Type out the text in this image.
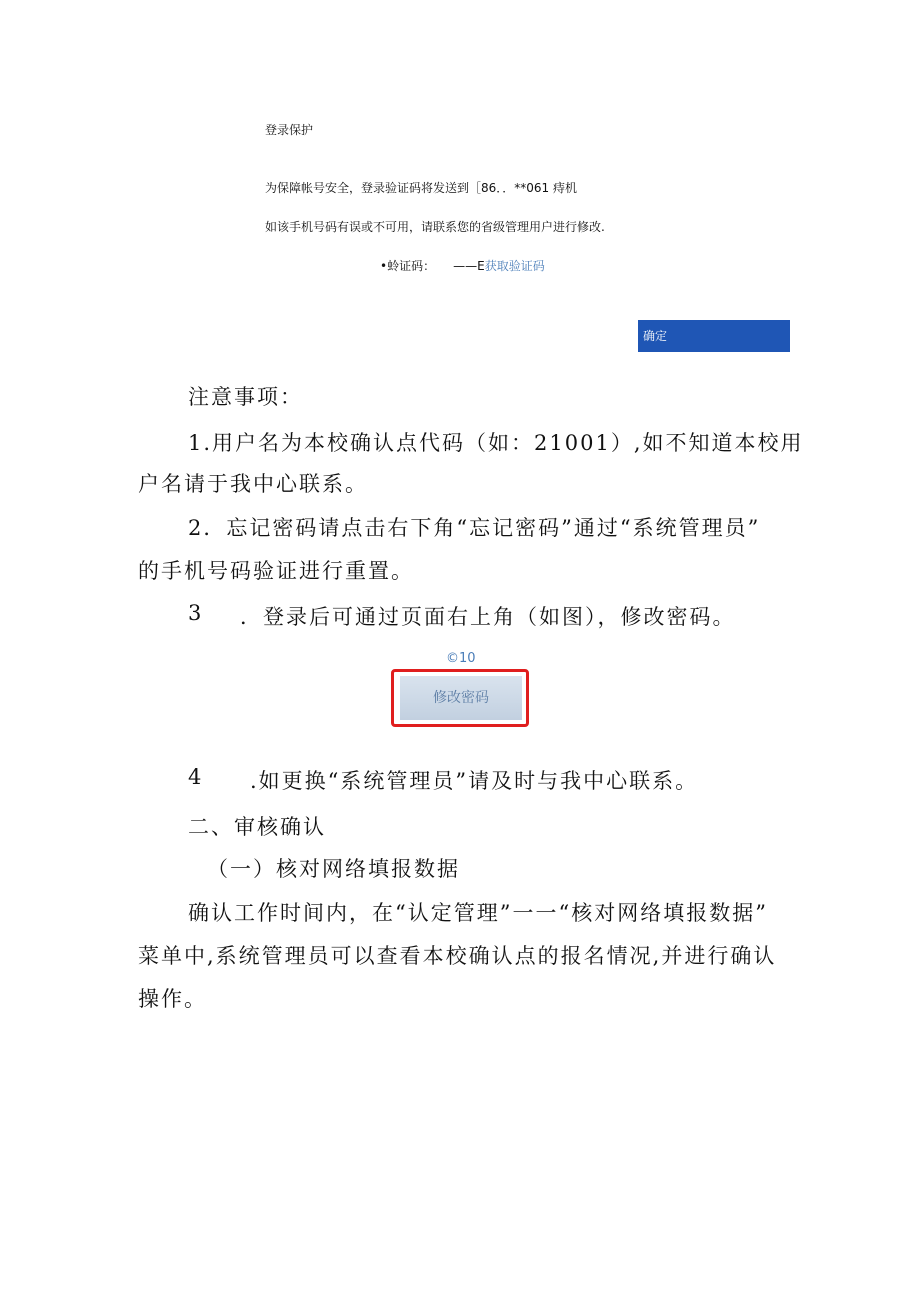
登录保护
为保障帐号安全，登录验证码将发送到［86．．**061 痔机
如该手机号码有误或不可用，请联系您的省级管理用户进行修改.
•蛉证码： ——E获取验证码
确定
注意事项：
1.用户名为本校确认点代码（如：21001）,如不知道本校用
户名请于我中心联系。
2．忘记密码请点击右下角“忘记密码”通过“系统管理员”
的手机号码验证进行重置。
3 ．登录后可通过页面右上角（如图），修改密码。
©10
修改密码
4 .如更换“系统管理员”请及时与我中心联系。
二、审核确认
（一）核对网络填报数据
确认工作时间内，在“认定管理”一一“核对网络填报数据”
菜单中,系统管理员可以查看本校确认点的报名情况,并进行确认
操作。
